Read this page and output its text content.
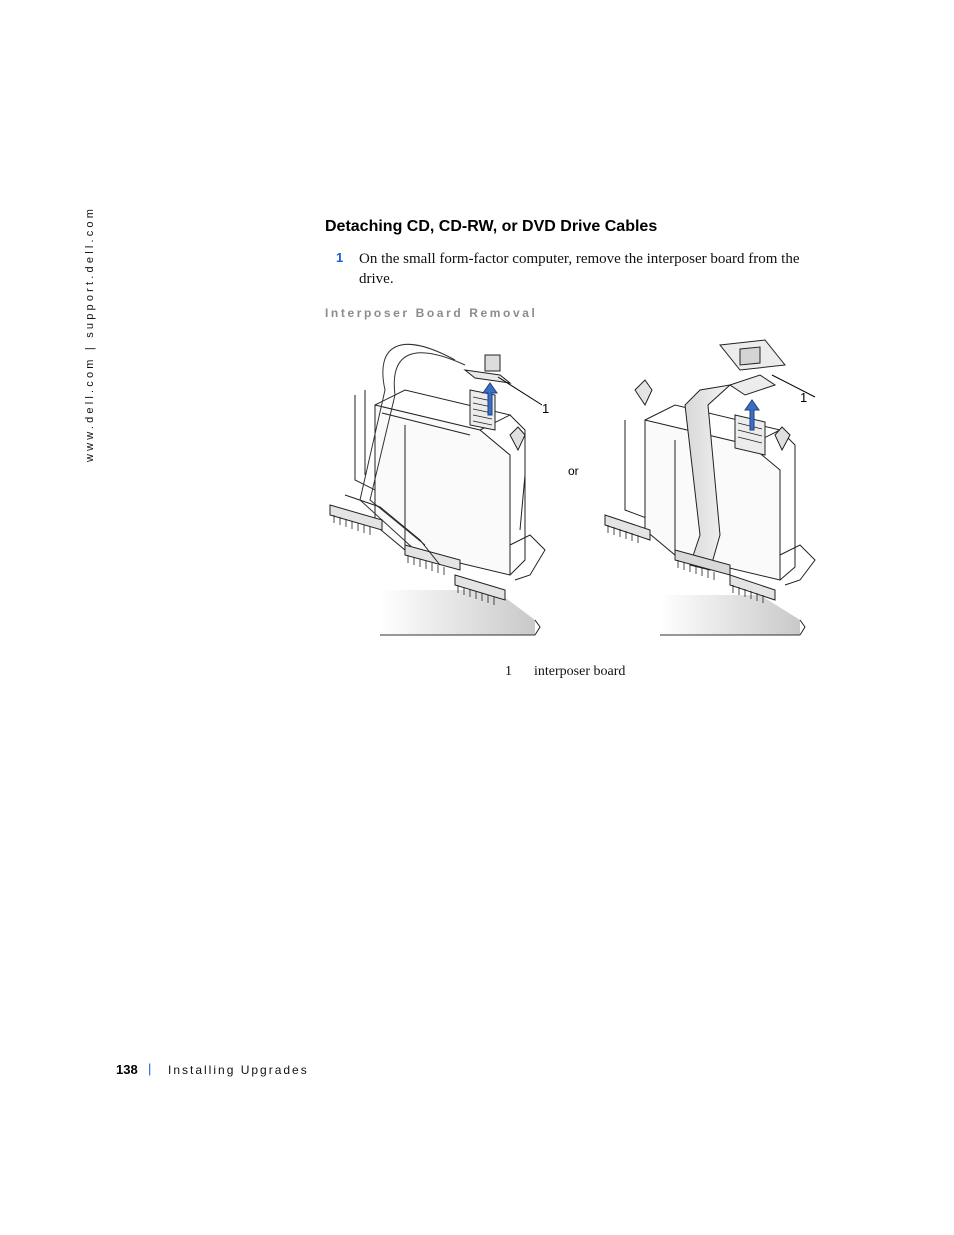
www.dell.com | support.dell.com	Detaching CD, CD-RW, or DVD Drive Cables
1 On the small form-factor computer, remove the interposer board from the drive.
Interposer Board Removal
1
or
1
1 interposer board
138 | Installing Upgrades
